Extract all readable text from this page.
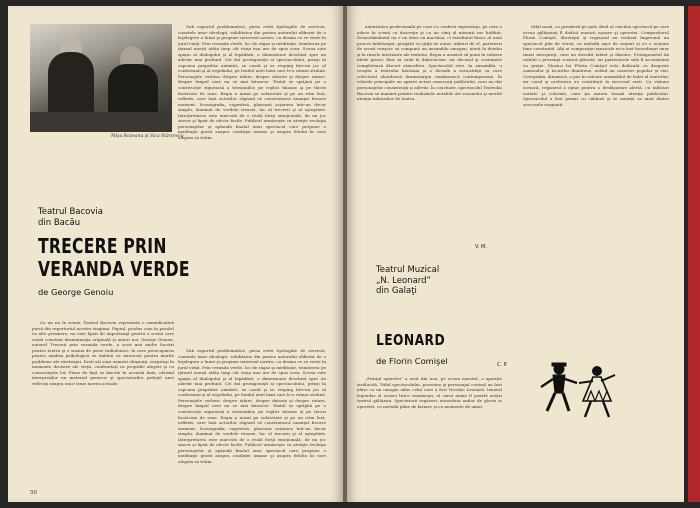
Mişu Rozeanu şi Sica Stârcescu

Sub raportul problematicii, piesa evită tipologiile de serviciu, cuantele unor ideologii, validitatea din partea autorului eliberat de o înţelegere a lumii şi propune interesul nostru, ca drama ce se veste în jurul vieţii. Prin veranda verde, loc de răgaz şi meditaţie, trimiterea pe ţărmul morţii atâta timp cât viaţa mai are de spus ceva. Scena este spaţiu al dialogului şi al lepădării, o dimensiune deschisă spre un adevăr mai profund. Cei doi protagonişti ai spectacolului, prinşi în capcana propriilor amintiri, se caută şi se resping într-un joc al confesiunii şi al orgoliului, pe fondul unei lumi care le-a rămas străină. Personajele vorbesc despre iubire, despre datorie şi despre ratare, despre timpul care nu se mai întoarce. Textul se sprijină pe o construcţie riguroasă a tensiunilor, pe replici tăioase şi pe tăceri încărcate de sens. Regia a mizat pe sobrietate şi pe un ritm lent, reflexiv, care lasă actorilor răgazul să construiască nuanţat fiecare moment. Scenografia, sugestivă, plasează acţiunea într-un decor simplu, dominat de verdele terasei, loc al trecerii şi al aşteptării. Interpretarea este marcată de o reală forţă emoţională, de un joc sincer şi lipsit de efecte facile. Publicul urmăreşte cu atenţie evoluţia personajelor şi aplaudă finalul unui spectacol care propune o meditaţie gravă asupra condiţiei umane şi asupra felului în care alegem să trăim.

Teatrul Bacovia
din Bacău
TRECERE PRIN
VERANDA VERDE
de George Genoiu

Ca un nu în senză, Teatrul Bacovia reprezintă o semnificativă piesă din repertoriul acestei stagiuni. Faptul, produs cum în paralel cu alte premiere, nu este lipsit de importanţă pentru o scenă care caută constant dramaturgia originală şi autori noi. George Genoiu, autorul Trecerii prin veranda verde, a scris mai multe lucrări pentru teatru şi o seamă de piese radiofonice, în care preocuparea pentru analiza psihologică se îmbină cu interesul pentru marile probleme ale existenţei. Eroii săi sunt oameni obişnuiţi, surprinşi în momente decisive ale vieţii, confruntaţi cu propriile alegeri şi cu consecinţele lor. Piesa de faţă se înscrie în această linie, oferind interpreţilor un material generos şi spectatorilor prilejul unei reflecţii asupra unor teme mereu actuale.

Sub raportul problematicii, piesa evită tipologiile de serviciu, cuantele unor ideologii, validitatea din partea autorului eliberat de o înţelegere a lumii şi propune interesul nostru, ca drama ce se veste în jurul vieţii. Prin veranda verde, loc de răgaz şi meditaţie, trimiterea pe ţărmul morţii atâta timp cât viaţa mai are de spus ceva. Scena este spaţiu al dialogului şi al lepădării, o dimensiune deschisă spre un adevăr mai profund. Cei doi protagonişti ai spectacolului, prinşi în capcana propriilor amintiri, se caută şi se resping într-un joc al confesiunii şi al orgoliului, pe fondul unei lumi care le-a rămas străină. Personajele vorbesc despre iubire, despre datorie şi despre ratare, despre timpul care nu se mai întoarce. Textul se sprijină pe o construcţie riguroasă a tensiunilor, pe replici tăioase şi pe tăceri încărcate de sens. Regia a mizat pe sobrietate şi pe un ritm lent, reflexiv, care lasă actorilor răgazul să construiască nuanţat fiecare moment. Scenografia, sugestivă, plasează acţiunea într-un decor simplu, dominat de verdele terasei, loc al trecerii şi al aşteptării. Interpretarea este marcată de o reală forţă emoţională, de un joc sincer şi lipsit de efecte facile. Publicul urmăreşte cu atenţie evoluţia personajelor şi aplaudă finalul unui spectacol care propune o meditaţie gravă asupra condiţiei umane şi asupra felului în care alegem să trăim.

50

autoritatea profesională pe care i-o conferă experienţa, pe care o aduce în scenă cu discreţie şi cu un simţ al măsurii rar întâlnit. Deznodământul nu e un deus ex machina, ci rezultatul firesc al unui proces îndelungat, pregătit cu grijă de autor. Alături de el, parteneri de scenă reuşesc să compună un ansamblu omogen, atent la detaliu şi la rimele interioare ale textului. Regia a urmărit să pună în valoare ideile piesei, fără să cadă în didacticism, iar decorul şi costumele completează discret atmosfera. Spectacolul este, în ansamblu, o reuşită a teatrului băcăuan şi o dovadă a seriozităţii cu care colectivul abordează dramaturgia românească contemporană. În rolurile principale au apărut actori cunoscuţi publicului, care au dat personajelor consistenţă şi adevăr. În concluzie, spectacolul Teatrului Bacovia se numără printre realizările notabile ale sezonului şi merită atenţia iubitorilor de teatru.

V. M.

titlul nouă, ca premieră pe ţară, fiind al cincilea spectacol pe care scena gălăţeană îl dedică muzicii uşoare şi operetei. Compozitorul Florin Comişel, libretiştii şi regizorul au realizat împreună un spectacol plin de vervă, cu melodii uşor de reţinut şi cu o acţiune bine construită. Alţi ai compoziţiei muzicale ne-a fost încredinţat unor tineri interpreţi, care au dovedit talent şi dăruire. Protagonistul dă rolului o prezenţă scenică plăcută, iar partenerele sale îl secondează cu graţie. Muzica lui Florin Comişel este dedicată cu dragoste oamenilor şi locurilor dunărene, având un caracter popular şi vioi. Coregrafia, dinamică, a pus în valoare ansamblul de balet al teatrului, iar corul şi orchestra au contribuit la succesul serii. Ca viziune scenică, regizorul a optat pentru o desfăşurare alertă, cu tablouri variate şi colorate, care ţin mereu trează atenţia publicului. Spectacolul a fost primit cu căldură şi se anunţă ca unul dintre succesele stagiunii.

Teatrul Muzical
„N. Leonard”
din Galaţi
LEONARD
C. P.
de Florin Comişel

„Prinţul operetei” a avut din nou, pe scena noastră, o apariţie strălucită. Titlul spectacolului, povestea şi personajul central au fost alese ca un omagiu adus celui care a fost Nicolae Leonard, tenorul legendar al scenei lirice româneşti, al cărui nume îl poartă astăzi teatrul gălăţean. Spectatorii regăsesc atmosfera anilor de glorie ai operetei, cu melodii pline de farmec şi cu momente de umor.
